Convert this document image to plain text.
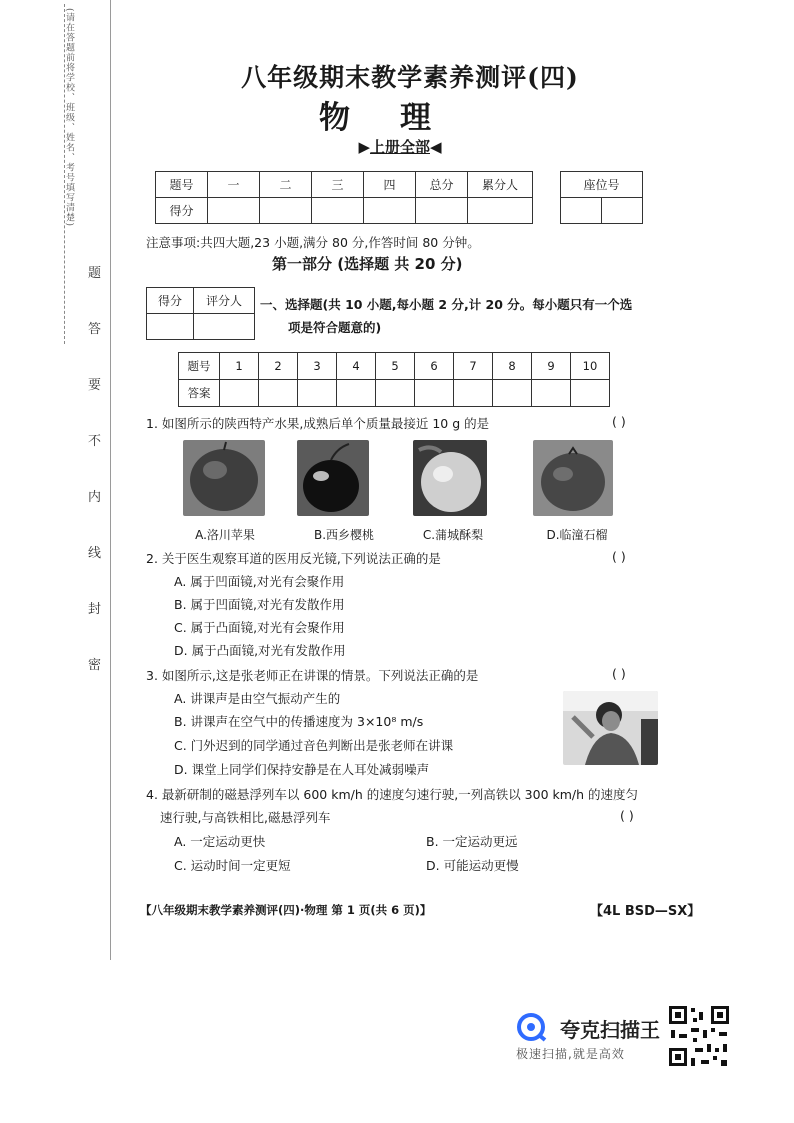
(请在答题前将学校、班级、姓名、考号填写清楚)
题
答
要
不
内
线
封
密
八年级期末教学素养测评(四)
物理
▶上册全部◀
题号	一	二	三	四	总分	累分人
得分						
座位号

注意事项:共四大题,23 小题,满分 80 分,作答时间 80 分钟。
第一部分 (选择题 共 20 分)
得分	评分人
	一、选择题(共 10 小题,每小题 2 分,计 20 分。每小题只有一个选
项是符合题意的)
题号	1	2	3	4	5	6	7	8	9	10
答案										
1. 如图所示的陕西特产水果,成熟后单个质量最接近 10 g 的是	( )
A.洛川苹果	B.西乡樱桃	C.蒲城酥梨	D.临潼石榴
2. 关于医生观察耳道的医用反光镜,下列说法正确的是	( )
A. 属于凹面镜,对光有会聚作用
B. 属于凹面镜,对光有发散作用
C. 属于凸面镜,对光有会聚作用
D. 属于凸面镜,对光有发散作用
3. 如图所示,这是张老师正在讲课的情景。下列说法正确的是	( )
A. 讲课声是由空气振动产生的
B. 讲课声在空气中的传播速度为 3×10⁸ m/s
C. 门外迟到的同学通过音色判断出是张老师在讲课
D. 课堂上同学们保持安静是在人耳处减弱噪声
4. 最新研制的磁悬浮列车以 600 km/h 的速度匀速行驶,一列高铁以 300 km/h 的速度匀
速行驶,与高铁相比,磁悬浮列车	( )
A. 一定运动更快	B. 一定运动更远
C. 运动时间一定更短	D. 可能运动更慢
【八年级期末教学素养测评(四)·物理 第 1 页(共 6 页)】	【4L BSD—SX】
夸克扫描王
极速扫描,就是高效
